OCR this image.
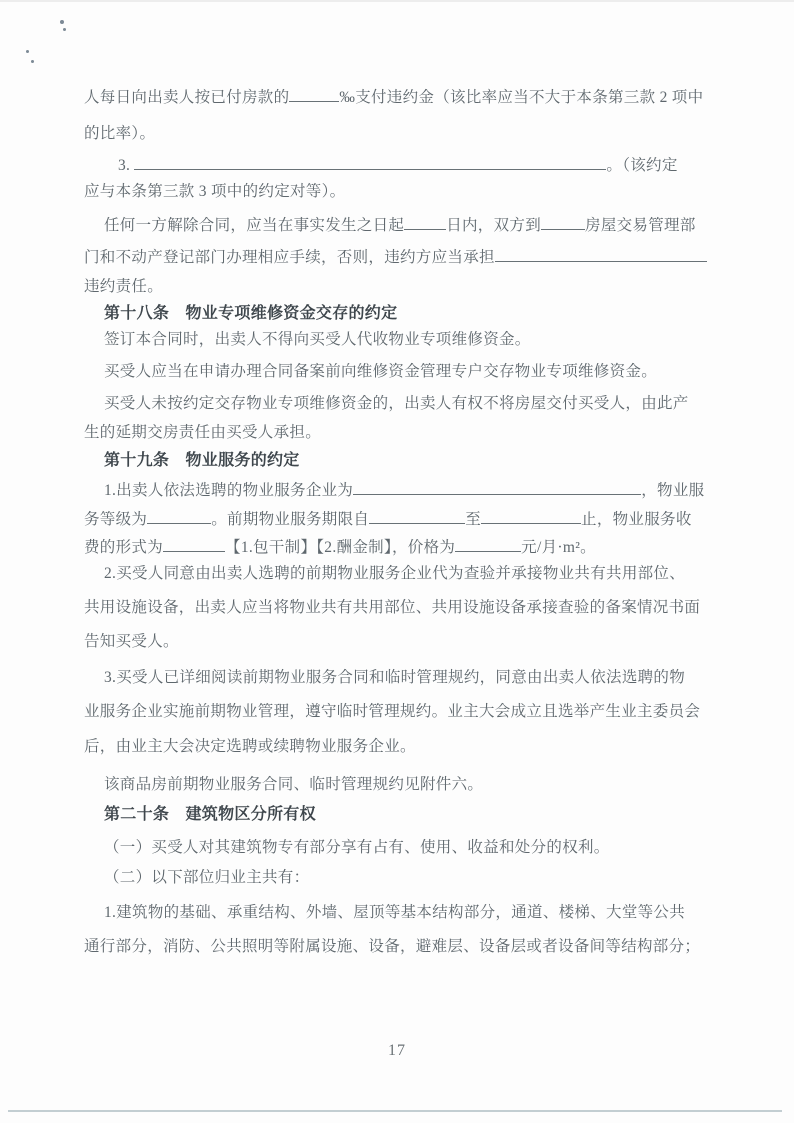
人每日向出卖人按已付房款的	‰支付违约金（该比率应当不大于本条第三款 2 项中
的比率）。
3.	。（该约定
应与本条第三款 3 项中的约定对等）。
任何一方解除合同，应当在事实发生之日起	日内，双方到	房屋交易管理部
门和不动产登记部门办理相应手续，否则，违约方应当承担
违约责任。
第十八条　物业专项维修资金交存的约定
签订本合同时，出卖人不得向买受人代收物业专项维修资金。
买受人应当在申请办理合同备案前向维修资金管理专户交存物业专项维修资金。
买受人未按约定交存物业专项维修资金的，出卖人有权不将房屋交付买受人，由此产
生的延期交房责任由买受人承担。
第十九条　物业服务的约定
1.出卖人依法选聘的物业服务企业为	，物业服
务等级为	。前期物业服务期限自	至	止，物业服务收
费的形式为	【1.包干制】【2.酬金制】，价格为	元/月·m²。
2.买受人同意由出卖人选聘的前期物业服务企业代为查验并承接物业共有共用部位、
共用设施设备，出卖人应当将物业共有共用部位、共用设施设备承接查验的备案情况书面
告知买受人。
3.买受人已详细阅读前期物业服务合同和临时管理规约，同意由出卖人依法选聘的物
业服务企业实施前期物业管理，遵守临时管理规约。业主大会成立且选举产生业主委员会
后，由业主大会决定选聘或续聘物业服务企业。
该商品房前期物业服务合同、临时管理规约见附件六。
第二十条　建筑物区分所有权
（一）买受人对其建筑物专有部分享有占有、使用、收益和处分的权利。
（二）以下部位归业主共有：
1.建筑物的基础、承重结构、外墙、屋顶等基本结构部分，通道、楼梯、大堂等公共
通行部分，消防、公共照明等附属设施、设备，避难层、设备层或者设备间等结构部分；
17
